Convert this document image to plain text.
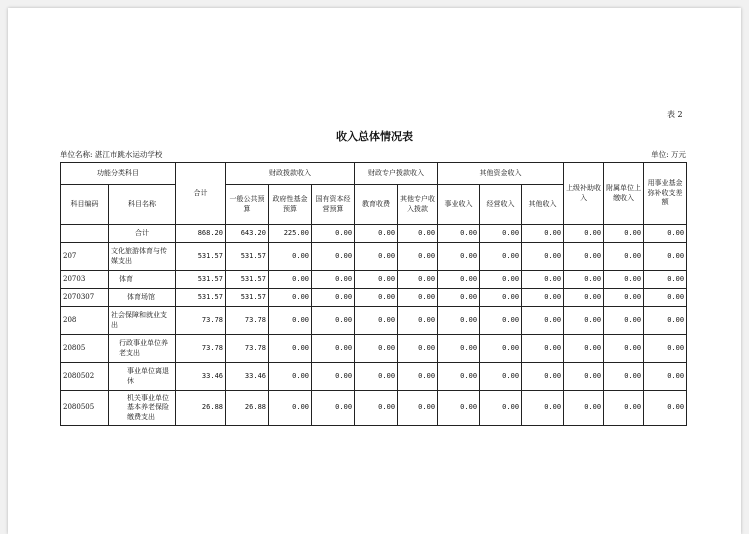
表 2
收入总体情况表
单位名称: 湛江市跳水运动学校	单位: 万元
功能分类科目		合计	财政拨款收入			财政专户拨款收入		其他资金收入			上级补助收入	附属单位上缴收入	用事业基金弥补收支差额
科目编码	科目名称		一般公共预算	政府性基金预算	国有资本经营预算	教育收费	其他专户收入拨款	事业收入	经营收入	其他收入			
	合计	868.20	643.20	225.00	0.00	0.00	0.00	0.00	0.00	0.00	0.00	0.00	0.00
207	文化旅游体育与传媒支出	531.57	531.57	0.00	0.00	0.00	0.00	0.00	0.00	0.00	0.00	0.00	0.00
20703	体育	531.57	531.57	0.00	0.00	0.00	0.00	0.00	0.00	0.00	0.00	0.00	0.00
2070307	体育场馆	531.57	531.57	0.00	0.00	0.00	0.00	0.00	0.00	0.00	0.00	0.00	0.00
208	社会保障和就业支出	73.78	73.78	0.00	0.00	0.00	0.00	0.00	0.00	0.00	0.00	0.00	0.00
20805	行政事业单位养老支出	73.78	73.78	0.00	0.00	0.00	0.00	0.00	0.00	0.00	0.00	0.00	0.00
2080502	事业单位离退休	33.46	33.46	0.00	0.00	0.00	0.00	0.00	0.00	0.00	0.00	0.00	0.00
2080505	机关事业单位基本养老保险缴费支出	26.88	26.88	0.00	0.00	0.00	0.00	0.00	0.00	0.00	0.00	0.00	0.00
